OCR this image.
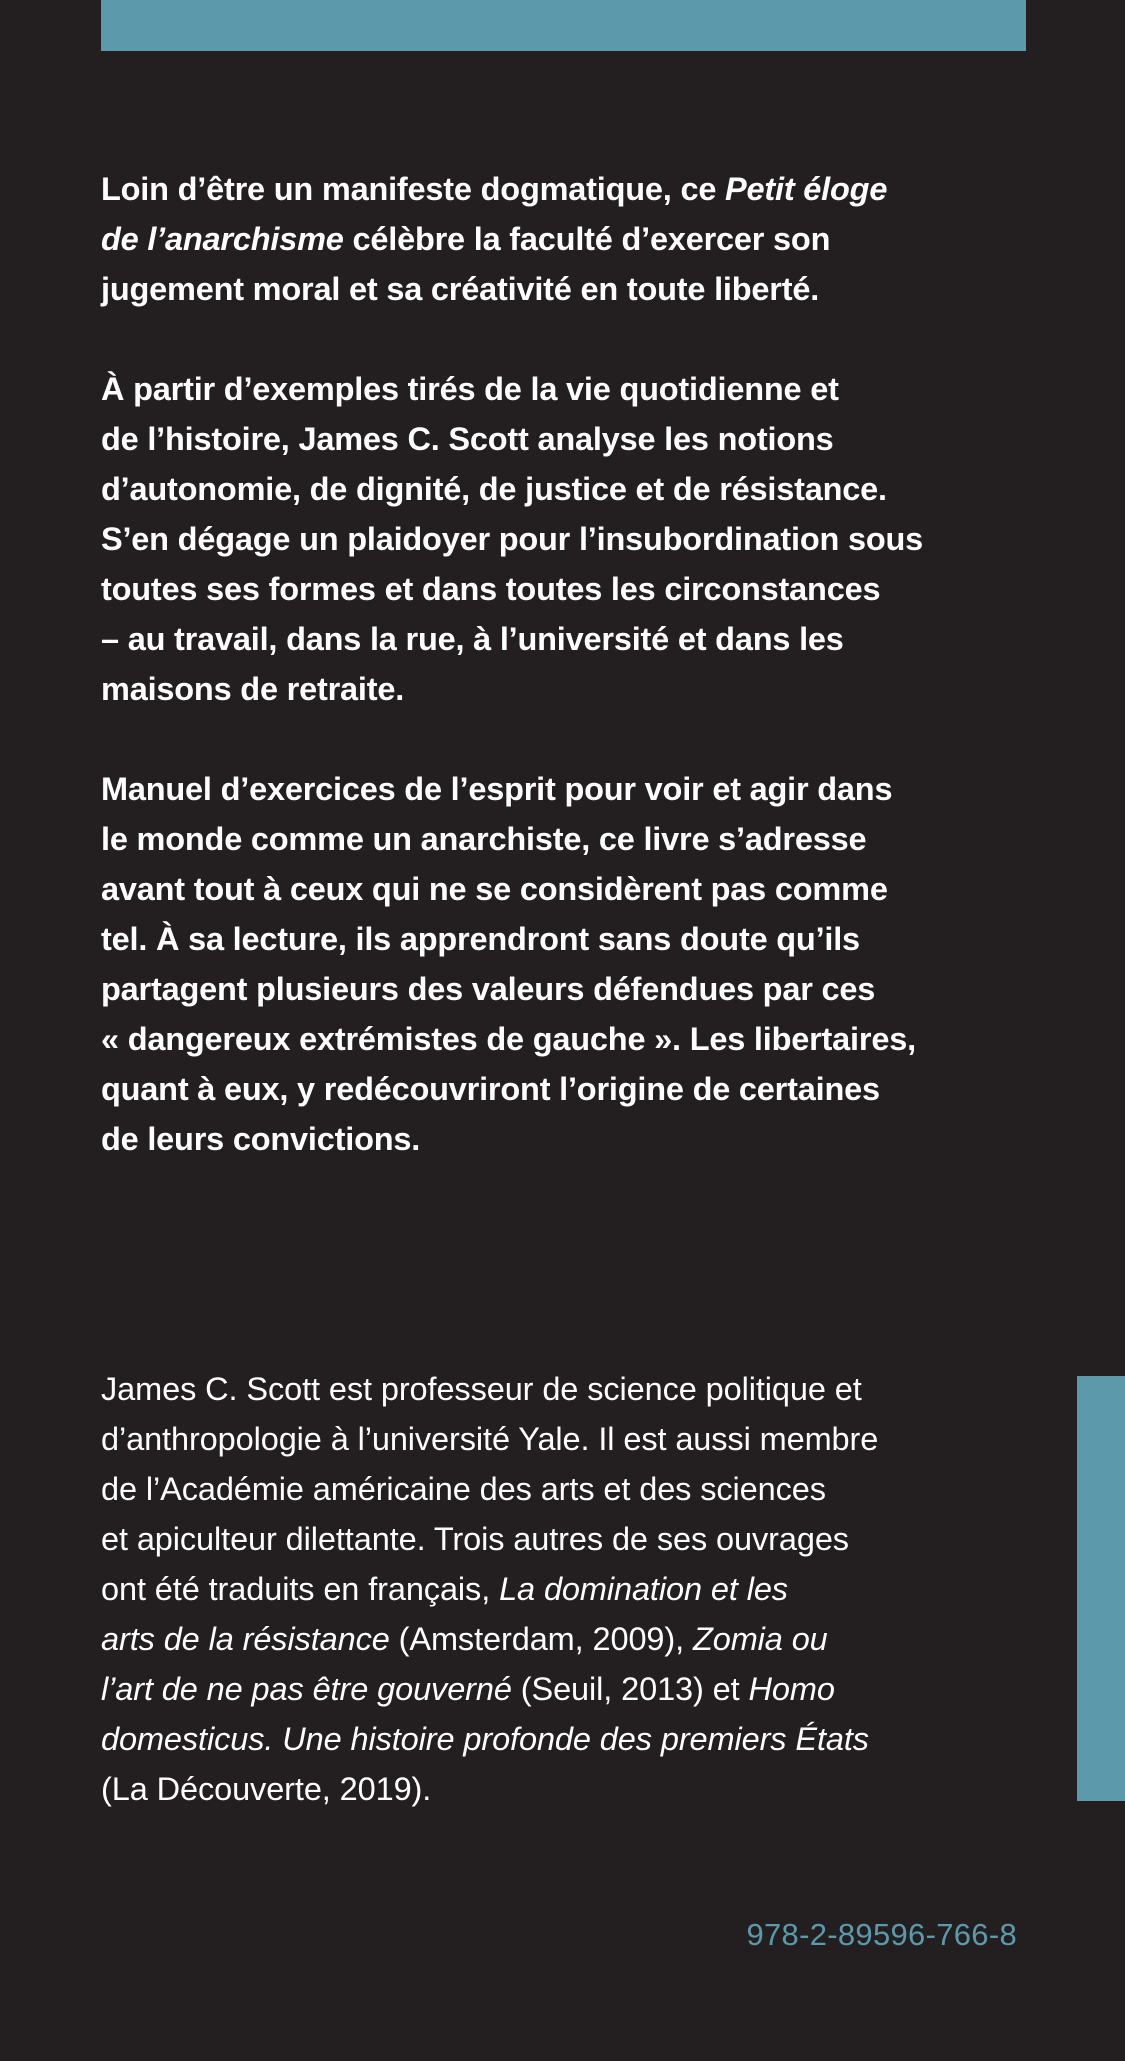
Loin d’être un manifeste dogmatique, ce Petit éloge
de l’anarchisme célèbre la faculté d’exercer son
jugement moral et sa créativité en toute liberté.

À partir d’exemples tirés de la vie quotidienne et
de l’histoire, James C. Scott analyse les notions
d’autonomie, de dignité, de justice et de résistance.
S’en dégage un plaidoyer pour l’insubordination sous
toutes ses formes et dans toutes les circonstances
– au travail, dans la rue, à l’université et dans les
maisons de retraite.

Manuel d’exercices de l’esprit pour voir et agir dans
le monde comme un anarchiste, ce livre s’adresse
avant tout à ceux qui ne se considèrent pas comme
tel. À sa lecture, ils apprendront sans doute qu’ils
partagent plusieurs des valeurs défendues par ces
« dangereux extrémistes de gauche ». Les libertaires,
quant à eux, y redécouvriront l’origine de certaines
de leurs convictions.

James C. Scott est professeur de science politique et
d’anthropologie à l’université Yale. Il est aussi membre
de l’Académie américaine des arts et des sciences
et apiculteur dilettante. Trois autres de ses ouvrages
ont été traduits en français, La domination et les
arts de la résistance (Amsterdam, 2009), Zomia ou
l’art de ne pas être gouverné (Seuil, 2013) et Homo
domesticus. Une histoire profonde des premiers États
(La Découverte, 2019).

978-2-89596-766-8
